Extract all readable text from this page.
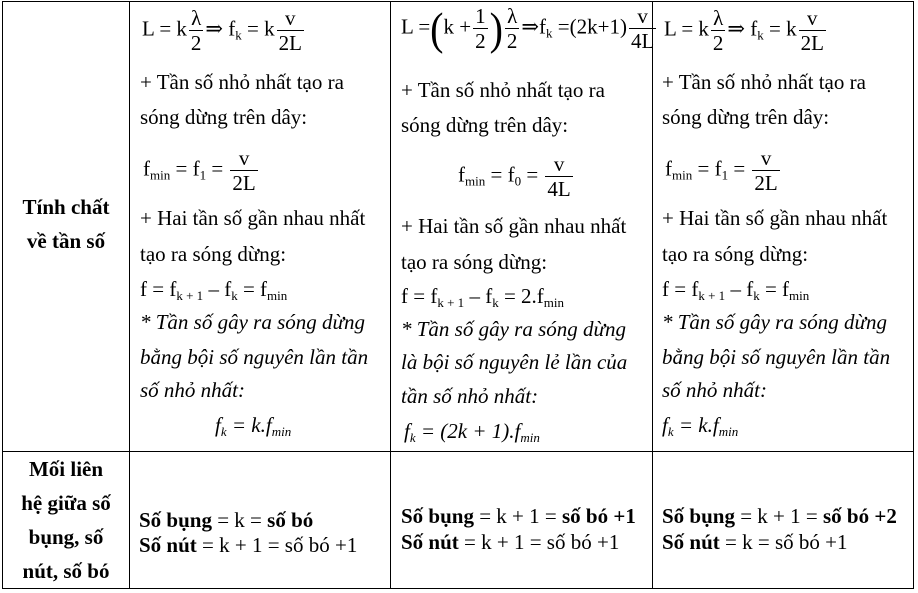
Tính chất
về tần số
L = k $\frac{\lambda}{2}$ ⇒ $f_k = k \frac{v}{2L}$
+ Tần số nhỏ nhất tạo ra
sóng dừng trên dây:
$f_{min} = f_1 = \frac{v}{2L}$
+ Hai tần số gần nhau nhất
tạo ra sóng dừng:
$f = f_{k + 1} - f_k = f_{min}$
* Tần số gây ra sóng dừng
bằng bội số nguyên lần tần
số nhỏ nhất:
$f_k = k.f_{min}$
$L =(k + \frac{1}{2}$ ) $\frac{\lambda}{2}$ $\Rightarrow f_k =(2k+1) \frac{v}{4L}$
+ Tần số nhỏ nhất tạo ra
sóng dừng trên dây:
$f_{min} = f_0 = \frac{v}{4L}$
+ Hai tần số gần nhau nhất
tạo ra sóng dừng:
$f = f_{k + 1} - f_k = 2.f_{min}$
* Tần số gây ra sóng dừng
là bội số nguyên lẻ lần của
tần số nhỏ nhất:
$f_k = (2k + 1).f_{min}$
L = k $\frac{\lambda}{2}$ ⇒ $f_k = k \frac{v}{2L}$
+ Tần số nhỏ nhất tạo ra
sóng dừng trên dây:
$f_{min} = f_1 = \frac{v}{2L}$
+ Hai tần số gần nhau nhất
tạo ra sóng dừng:
$f = f_{k + 1} - f_k = f_{min}$
* Tần số gây ra sóng dừng
bằng bội số nguyên lần tần
số nhỏ nhất:
$f_k = k.f_{min}$
Mối liên
hệ giữa số
bụng, số
nút, số bó
Số bụng = k = số bó
Số nút = k + 1 = số bó +1
Số bụng = k + 1 = số bó +1
Số nút = k + 1 = số bó +1
Số bụng = k + 1 = số bó +2
Số nút = k = số bó +1
